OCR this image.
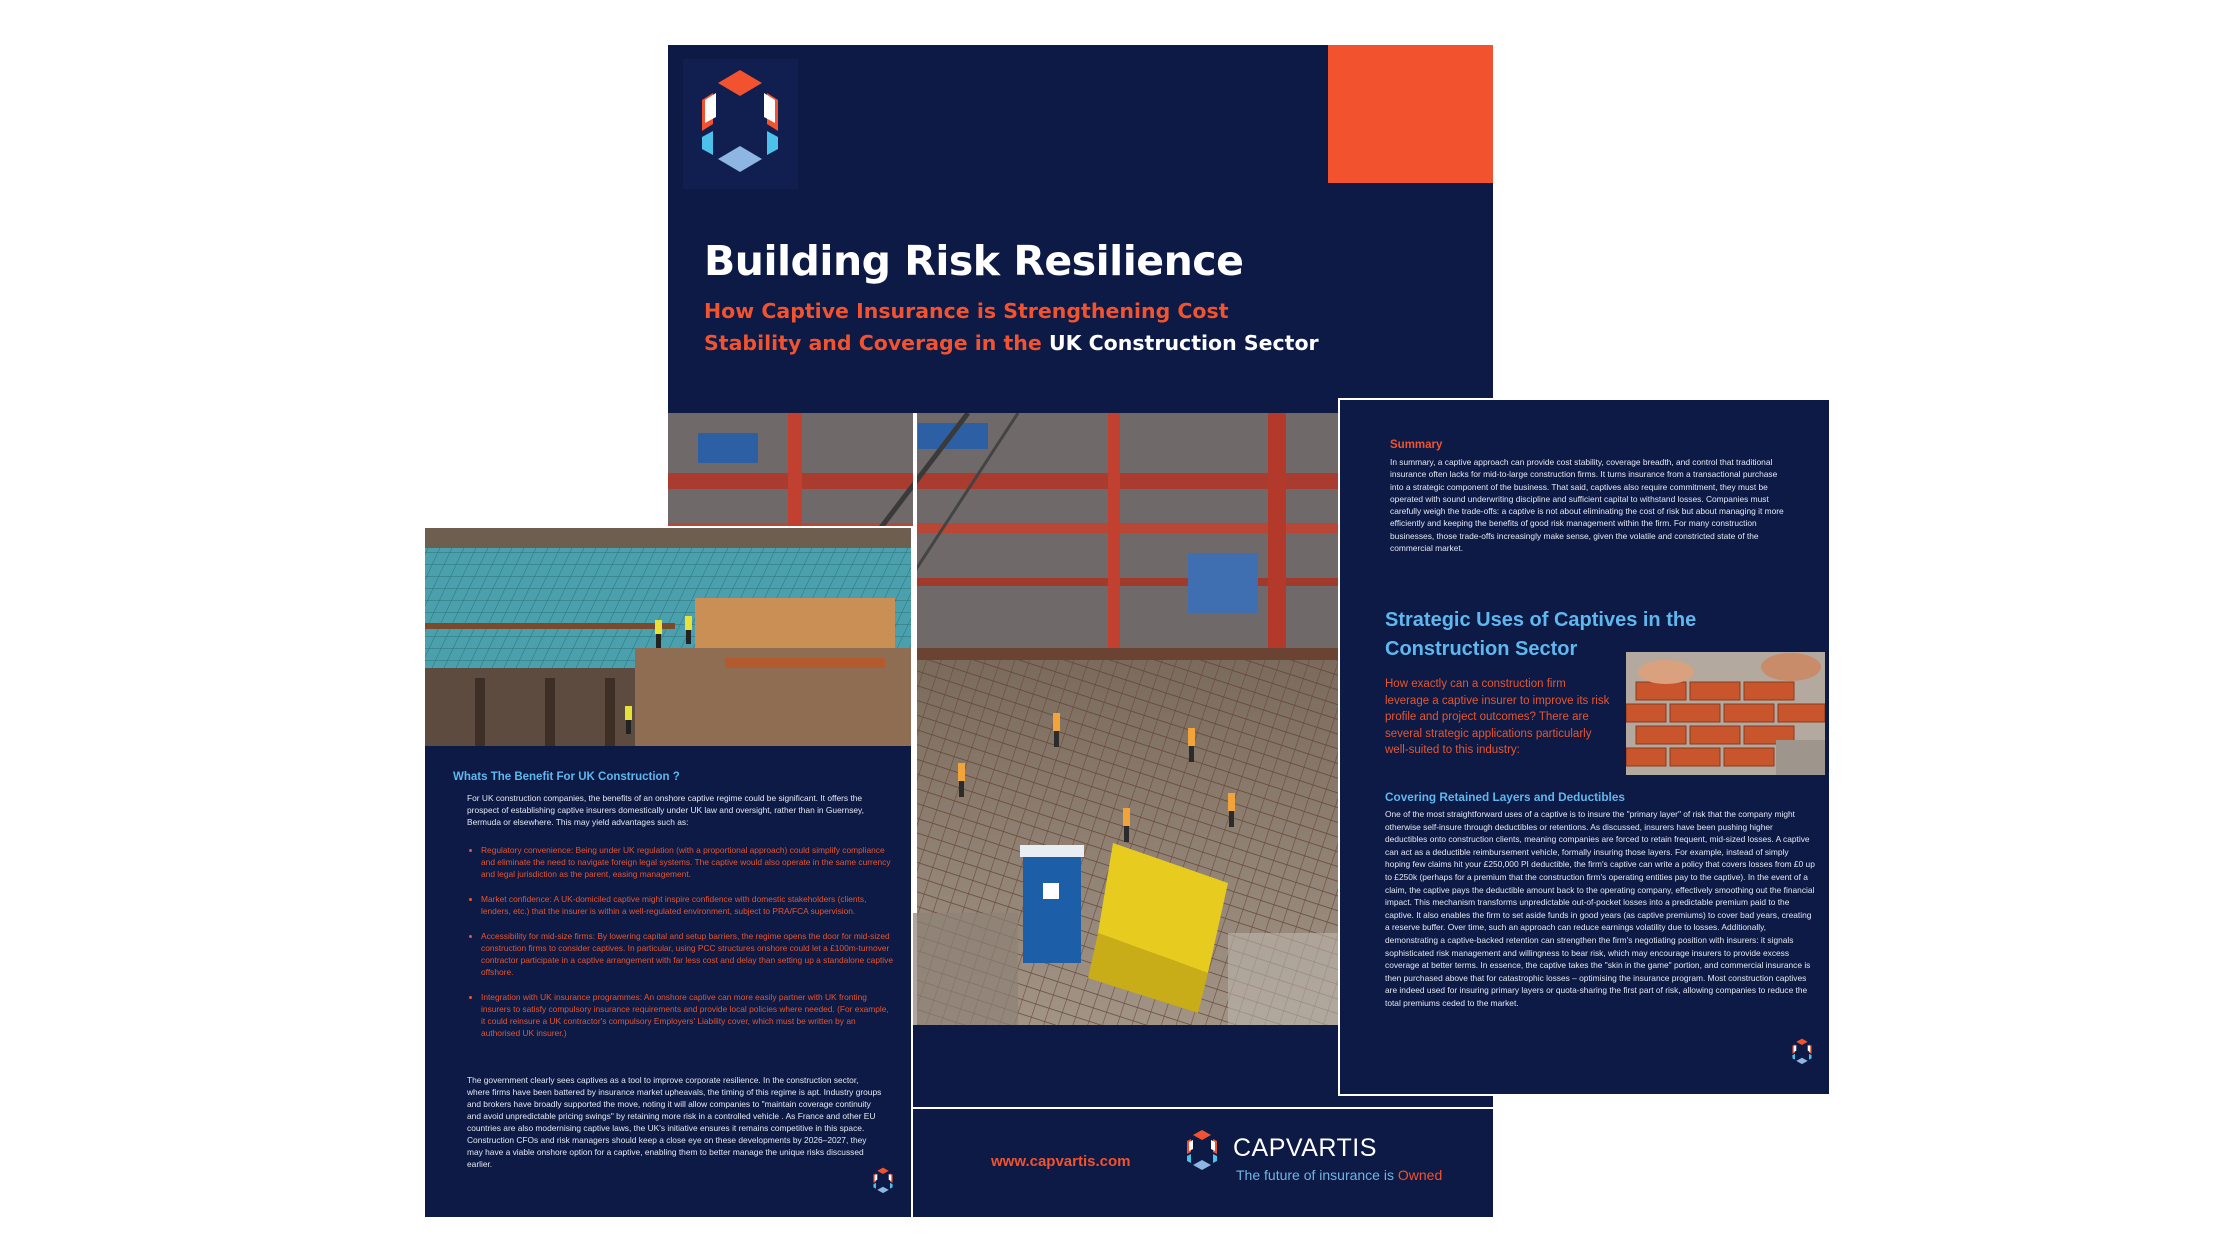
Building Risk Resilience

How Captive Insurance is Strengthening Cost Stability and Coverage in the UK Construction Sector

www.capvartis.com	CAPVARTIS
The future of insurance is Owned
Whats The Benefit For UK Construction ?

For UK construction companies, the benefits of an onshore captive regime could be significant. It offers the prospect of establishing captive insurers domestically under UK law and oversight, rather than in Guernsey, Bermuda or elsewhere. This may yield advantages such as:

• Regulatory convenience: Being under UK regulation (with a proportional approach) could simplify compliance and eliminate the need to navigate foreign legal systems. The captive would also operate in the same currency and legal jurisdiction as the parent, easing management.
• Market confidence: A UK-domiciled captive might inspire confidence with domestic stakeholders (clients, lenders, etc.) that the insurer is within a well-regulated environment, subject to PRA/FCA supervision.
• Accessibility for mid-size firms: By lowering capital and setup barriers, the regime opens the door for mid-sized construction firms to consider captives. In particular, using PCC structures onshore could let a £100m-turnover contractor participate in a captive arrangement with far less cost and delay than setting up a standalone captive offshore.
• Integration with UK insurance programmes: An onshore captive can more easily partner with UK fronting insurers to satisfy compulsory insurance requirements and provide local policies where needed. (For example, it could reinsure a UK contractor's compulsory Employers' Liability cover, which must be written by an authorised UK insurer.)

The government clearly sees captives as a tool to improve corporate resilience. In the construction sector, where firms have been battered by insurance market upheavals, the timing of this regime is apt. Industry groups and brokers have broadly supported the move, noting it will allow companies to "maintain coverage continuity and avoid unpredictable pricing swings" by retaining more risk in a controlled vehicle . As France and other EU countries are also modernising captive laws, the UK's initiative ensures it remains competitive in this space. Construction CFOs and risk managers should keep a close eye on these developments by 2026–2027, they may have a viable onshore option for a captive, enabling them to better manage the unique risks discussed earlier.

Summary

In summary, a captive approach can provide cost stability, coverage breadth, and control that traditional insurance often lacks for mid-to-large construction firms. It turns insurance from a transactional purchase into a strategic component of the business. That said, captives also require commitment, they must be operated with sound underwriting discipline and sufficient capital to withstand losses. Companies must carefully weigh the trade-offs: a captive is not about eliminating the cost of risk but about managing it more efficiently and keeping the benefits of good risk management within the firm. For many construction businesses, those trade-offs increasingly make sense, given the volatile and constricted state of the commercial market.

Strategic Uses of Captives in the Construction Sector

How exactly can a construction firm leverage a captive insurer to improve its risk profile and project outcomes? There are several strategic applications particularly well-suited to this industry:

Covering Retained Layers and Deductibles

One of the most straightforward uses of a captive is to insure the "primary layer" of risk that the company might otherwise self-insure through deductibles or retentions. As discussed, insurers have been pushing higher deductibles onto construction clients, meaning companies are forced to retain frequent, mid-sized losses. A captive can act as a deductible reimbursement vehicle, formally insuring those layers. For example, instead of simply hoping few claims hit your £250,000 PI deductible, the firm's captive can write a policy that covers losses from £0 up to £250k (perhaps for a premium that the construction firm's operating entities pay to the captive). In the event of a claim, the captive pays the deductible amount back to the operating company, effectively smoothing out the financial impact. This mechanism transforms unpredictable out-of-pocket losses into a predictable premium paid to the captive. It also enables the firm to set aside funds in good years (as captive premiums) to cover bad years, creating a reserve buffer. Over time, such an approach can reduce earnings volatility due to losses. Additionally, demonstrating a captive-backed retention can strengthen the firm's negotiating position with insurers: it signals sophisticated risk management and willingness to bear risk, which may encourage insurers to provide excess coverage at better terms. In essence, the captive takes the "skin in the game" portion, and commercial insurance is then purchased above that for catastrophic losses – optimising the insurance program. Most construction captives are indeed used for insuring primary layers or quota-sharing the first part of risk, allowing companies to reduce the total premiums ceded to the market.
